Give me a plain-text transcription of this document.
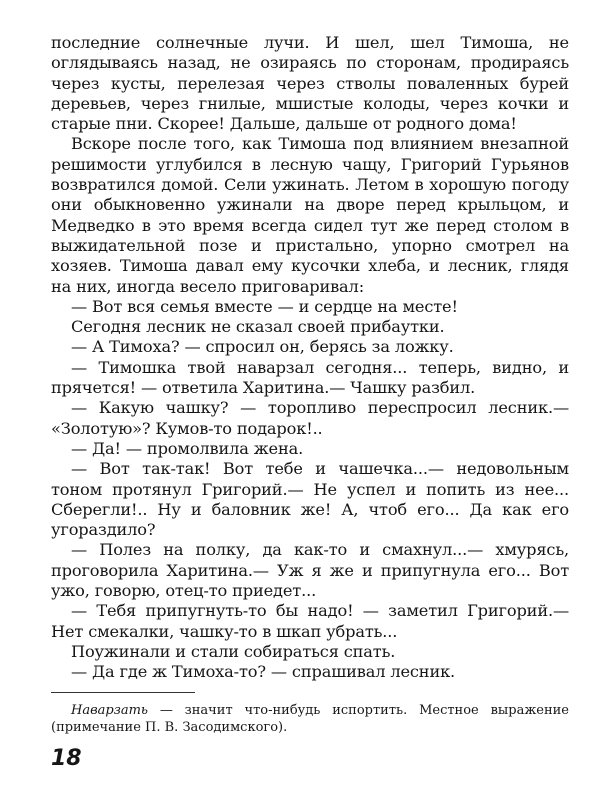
последние солнечные лучи. И шел, шел Тимоша, не оглядываясь назад, не озираясь по сторонам, продираясь через кусты, перелезая через стволы поваленных бурей деревьев, через гнилые, мшистые колоды, через кочки и старые пни. Скорее! Дальше, дальше от родного дома!

Вскоре после того, как Тимоша под влиянием внезапной решимости углубился в лесную чащу, Григорий Гурьянов возвратился домой. Сели ужинать. Летом в хорошую погоду они обыкновенно ужинали на дворе перед крыльцом, и Медведко в это время всегда сидел тут же перед столом в выжидательной позе и пристально, упорно смотрел на хозяев. Тимоша давал ему кусочки хлеба, и лесник, глядя на них, иногда весело приговаривал:

— Вот вся семья вместе — и сердце на месте!

Сегодня лесник не сказал своей прибаутки.

— А Тимоха? — спросил он, берясь за ложку.

— Тимошка твой наварзал сегодня... теперь, видно, и прячется! — ответила Харитина.— Чашку разбил.

— Какую чашку? — торопливо переспросил лесник.— «Золотую»? Кумов-то подарок!..

— Да! — промолвила жена.

— Вот так-так! Вот тебе и чашечка...— недовольным тоном протянул Григорий.— Не успел и попить из нее... Сберегли!.. Ну и баловник же! А, чтоб его... Да как его угораздило?

— Полез на полку, да как-то и смахнул...— хмурясь, проговорила Харитина.— Уж я же и припугнула его... Вот ужо, говорю, отец-то приедет...

— Тебя припугнуть-то бы надо! — заметил Григорий.— Нет смекалки, чашку-то в шкап убрать...

Поужинали и стали собираться спать.

— Да где ж Тимоха-то? — спрашивал лесник.

Наварзать — значит что-нибудь испортить. Местное выражение (примечание П. В. Засодимского).
18
